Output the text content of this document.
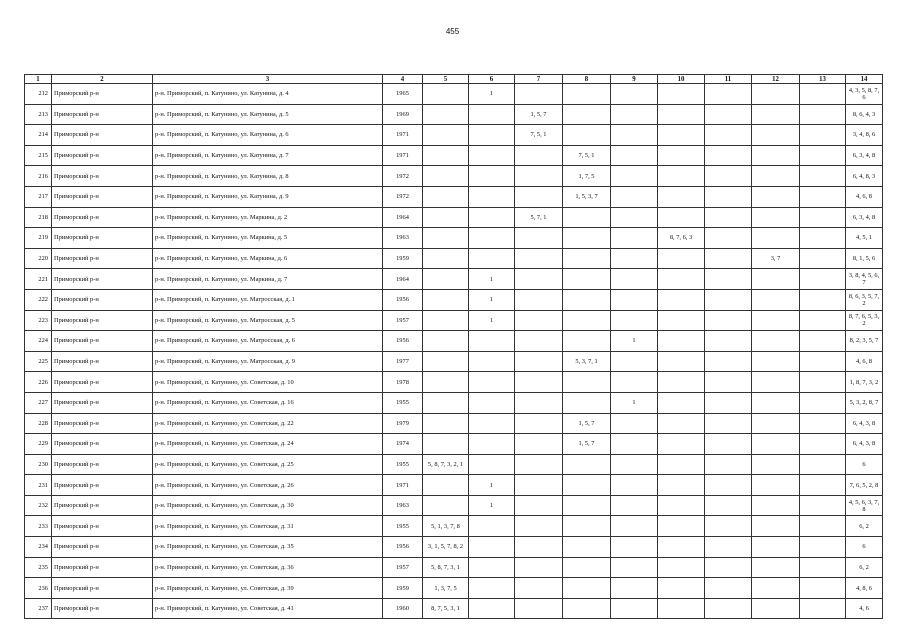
455
1	2	3	4	5	6	7	8	9	10	11	12	13	14
212	Приморский р-н	р-н. Приморский, п. Катунино, ул. Катунина, д. 4	1965		1								4, 3, 5, 8, 7, 6
213	Приморский р-н	р-н. Приморский, п. Катунино, ул. Катунина, д. 5	1969			1, 5, 7							8, 6, 4, 3
214	Приморский р-н	р-н. Приморский, п. Катунино, ул. Катунина, д. 6	1971			7, 5, 1							3, 4, 8, 6
215	Приморский р-н	р-н. Приморский, п. Катунино, ул. Катунина, д. 7	1971				7, 5, 1						6, 3, 4, 8
216	Приморский р-н	р-н. Приморский, п. Катунино, ул. Катунина, д. 8	1972				1, 7, 5						6, 4, 8, 3
217	Приморский р-н	р-н. Приморский, п. Катунино, ул. Катунина, д. 9	1972				1, 5, 3, 7						4, 6, 8
218	Приморский р-н	р-н. Приморский, п. Катунино, ул. Маркина, д. 2	1964			5, 7, 1							6, 3, 4, 8
219	Приморский р-н	р-н. Приморский, п. Катунино, ул. Маркина, д. 5	1963						8, 7, 6, 3				4, 5, 1
220	Приморский р-н	р-н. Приморский, п. Катунино, ул. Маркина, д. 6	1959								3, 7		8, 1, 5, 6
221	Приморский р-н	р-н. Приморский, п. Катунино, ул. Маркина, д. 7	1964		1								3, 8, 4, 5, 6, 7
222	Приморский р-н	р-н. Приморский, п. Катунино, ул. Матросская, д. 1	1956		1								8, 6, 3, 5, 7, 2
223	Приморский р-н	р-н. Приморский, п. Катунино, ул. Матросская, д. 5	1957		1								8, 7, 6, 5, 3, 2
224	Приморский р-н	р-н. Приморский, п. Катунино, ул. Матросская, д. 6	1956					1					8, 2, 3, 5, 7
225	Приморский р-н	р-н. Приморский, п. Катунино, ул. Матросская, д. 9	1977				5, 3, 7, 1						4, 6, 8
226	Приморский р-н	р-н. Приморский, п. Катунино, ул. Советская, д. 10	1978										1, 8, 7, 3, 2
227	Приморский р-н	р-н. Приморский, п. Катунино, ул. Советская, д. 16	1955					1					5, 3, 2, 8, 7
228	Приморский р-н	р-н. Приморский, п. Катунино, ул. Советская, д. 22	1979				1, 5, 7						6, 4, 3, 8
229	Приморский р-н	р-н. Приморский, п. Катунино, ул. Советская, д. 24	1974				1, 5, 7						6, 4, 3, 8
230	Приморский р-н	р-н. Приморский, п. Катунино, ул. Советская, д. 25	1955	5, 8, 7, 3, 2, 1									6
231	Приморский р-н	р-н. Приморский, п. Катунино, ул. Советская, д. 26	1971		1								7, 6, 5, 2, 8
232	Приморский р-н	р-н. Приморский, п. Катунино, ул. Советская, д. 30	1963		1								4, 5, 6, 3, 7, 8
233	Приморский р-н	р-н. Приморский, п. Катунино, ул. Советская, д. 31	1955	5, 1, 3, 7, 8									6, 2
234	Приморский р-н	р-н. Приморский, п. Катунино, ул. Советская, д. 35	1956	3, 1, 5, 7, 8, 2									6
235	Приморский р-н	р-н. Приморский, п. Катунино, ул. Советская, д. 36	1957	5, 8, 7, 3, 1									6, 2
236	Приморский р-н	р-н. Приморский, п. Катунино, ул. Советская, д. 39	1959	1, 3, 7, 5									4, 8, 6
237	Приморский р-н	р-н. Приморский, п. Катунино, ул. Советская, д. 41	1960	8, 7, 5, 3, 1									4, 6
